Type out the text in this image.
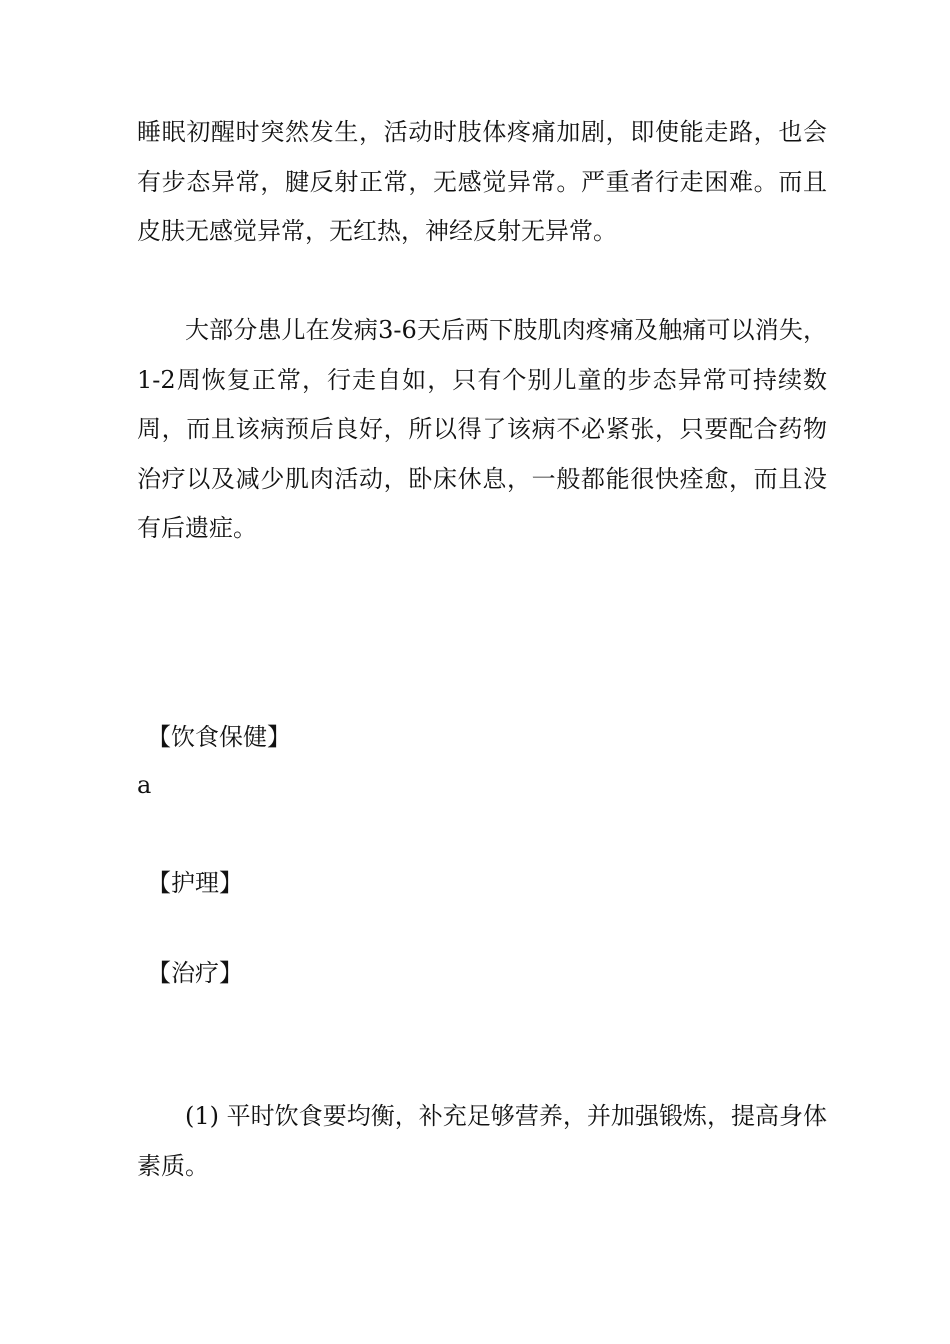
睡眠初醒时突然发生，活动时肢体疼痛加剧，即使能走路，也会有步态异常，腱反射正常，无感觉异常。严重者行走困难。而且皮肤无感觉异常，无红热，神经反射无异常。

大部分患儿在发病3-6天后两下肢肌肉疼痛及触痛可以消失，1-2周恢复正常，行走自如，只有个别儿童的步态异常可持续数周，而且该病预后良好，所以得了该病不必紧张，只要配合药物治疗以及减少肌肉活动，卧床休息，一般都能很快痊愈，而且没有后遗症。

【饮食保健】

a

【护理】

【治疗】

(1) 平时饮食要均衡，补充足够营养，并加强锻炼，提高身体素质。
